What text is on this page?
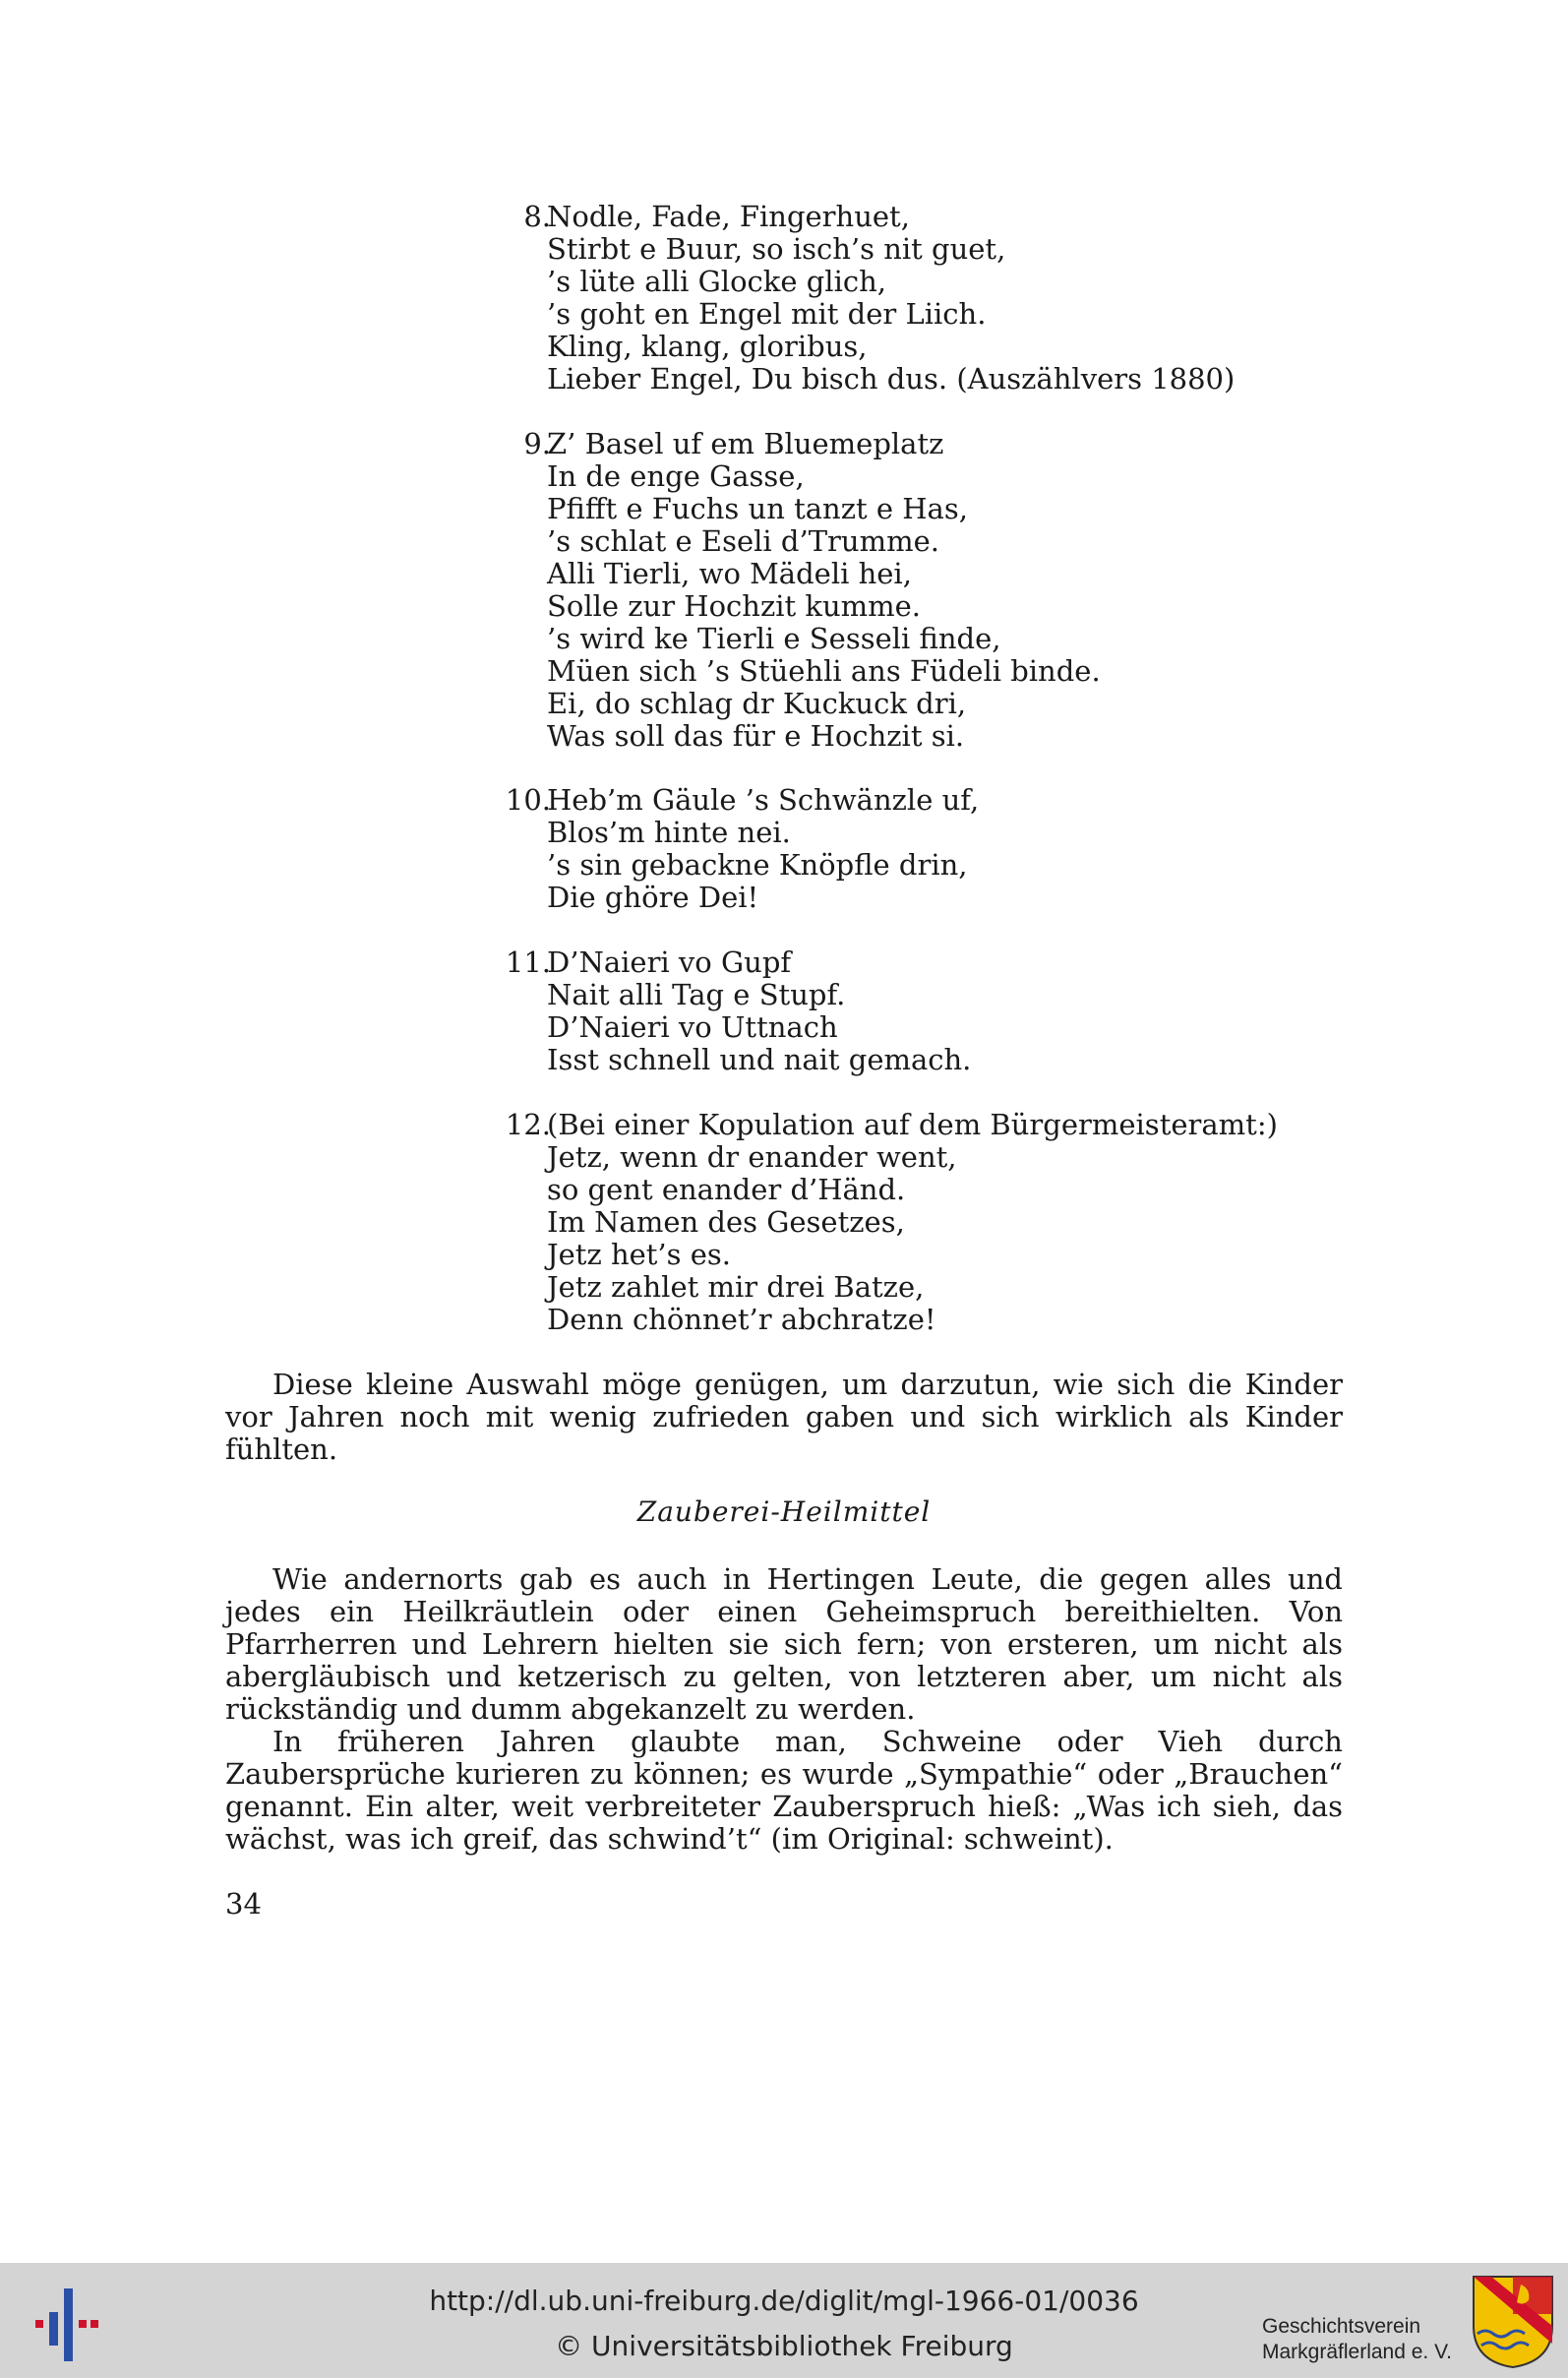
8.
Nodle, Fade, Fingerhuet,
Stirbt e Buur, so isch’s nit guet,
’s lüte alli Glocke glich,
’s goht en Engel mit der Liich.
Kling, klang, gloribus,
Lieber Engel, Du bisch dus. (Auszählvers 1880)
9.
Z’ Basel uf em Bluemeplatz
In de enge Gasse,
Pfifft e Fuchs un tanzt e Has,
’s schlat e Eseli d’Trumme.
Alli Tierli, wo Mädeli hei,
Solle zur Hochzit kumme.
’s wird ke Tierli e Sesseli finde,
Müen sich ’s Stüehli ans Füdeli binde.
Ei, do schlag dr Kuckuck dri,
Was soll das für e Hochzit si.
10.
Heb’m Gäule ’s Schwänzle uf,
Blos’m hinte nei.
’s sin gebackne Knöpfle drin,
Die ghöre Dei!
11.
D’Naieri vo Gupf
Nait alli Tag e Stupf.
D’Naieri vo Uttnach
Isst schnell und nait gemach.
12.
(Bei einer Kopulation auf dem Bürgermeisteramt:)
Jetz, wenn dr enander went,
so gent enander d’Händ.
Im Namen des Gesetzes,
Jetz het’s es.
Jetz zahlet mir drei Batze,
Denn chönnet’r abchratze!
Diese kleine Auswahl möge genügen, um darzutun, wie sich die Kinder vor Jahren noch mit wenig zufrieden gaben und sich wirklich als Kinder fühlten.
Zauberei-Heilmittel
Wie andernorts gab es auch in Hertingen Leute, die gegen alles und jedes ein Heilkräutlein oder einen Geheimspruch bereithielten. Von Pfarrherren und Lehrern hielten sie sich fern; von ersteren, um nicht als abergläubisch und ketzerisch zu gelten, von letzteren aber, um nicht als rückständig und dumm abgekanzelt zu werden.
In früheren Jahren glaubte man, Schweine oder Vieh durch Zaubersprüche kurieren zu können; es wurde „Sympathie“ oder „Brauchen“ genannt. Ein alter, weit verbreiteter Zauberspruch hieß: „Was ich sieh, das wächst, was ich greif, das schwind’t“ (im Original: schweint).
34
http://dl.ub.uni-freiburg.de/diglit/mgl-1966-01/0036
© Universitätsbibliothek Freiburg
Geschichtsverein
Markgräflerland e. V.
